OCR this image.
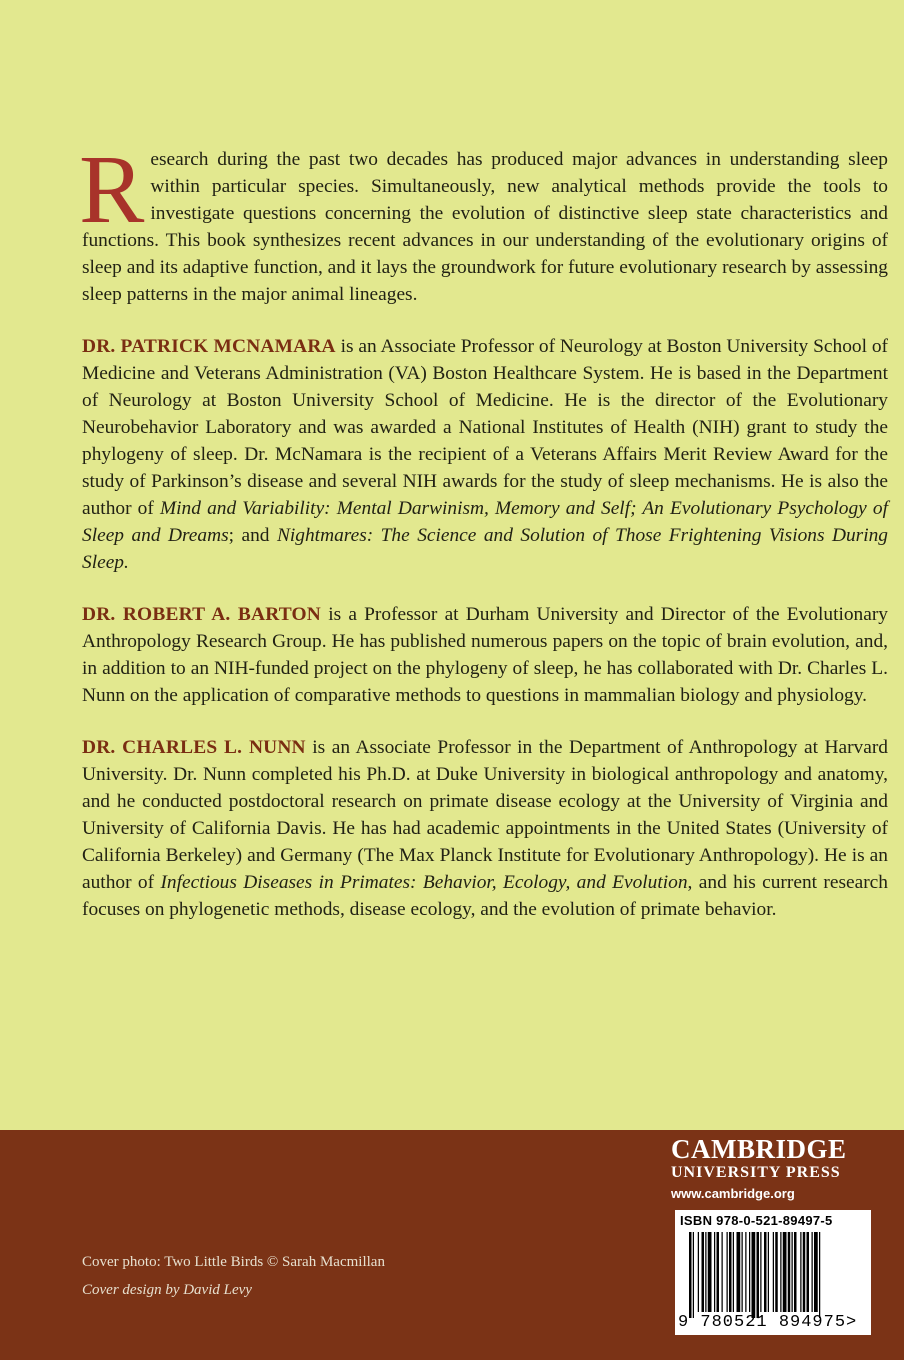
Research during the past two decades has produced major advances in understanding sleep within particular species. Simultaneously, new analytical methods provide the tools to investigate questions concerning the evolution of distinctive sleep state characteristics and functions. This book synthesizes recent advances in our understanding of the evolutionary origins of sleep and its adaptive function, and it lays the groundwork for future evolutionary research by assessing sleep patterns in the major animal lineages.

DR. PATRICK MCNAMARA is an Associate Professor of Neurology at Boston University School of Medicine and Veterans Administration (VA) Boston Healthcare System. He is based in the Department of Neurology at Boston University School of Medicine. He is the director of the Evolutionary Neurobehavior Laboratory and was awarded a National Institutes of Health (NIH) grant to study the phylogeny of sleep. Dr. McNamara is the recipient of a Veterans Affairs Merit Review Award for the study of Parkinson’s disease and several NIH awards for the study of sleep mechanisms. He is also the author of Mind and Variability: Mental Darwinism, Memory and Self; An Evolutionary Psychology of Sleep and Dreams; and Nightmares: The Science and Solution of Those Frightening Visions During Sleep.

DR. ROBERT A. BARTON is a Professor at Durham University and Director of the Evolutionary Anthropology Research Group. He has published numerous papers on the topic of brain evolution, and, in addition to an NIH-funded project on the phylogeny of sleep, he has collaborated with Dr. Charles L. Nunn on the application of comparative methods to questions in mammalian biology and physiology.

DR. CHARLES L. NUNN is an Associate Professor in the Department of Anthropology at Harvard University. Dr. Nunn completed his Ph.D. at Duke University in biological anthropology and anatomy, and he conducted postdoctoral research on primate disease ecology at the University of Virginia and University of California Davis. He has had academic appointments in the United States (University of California Berkeley) and Germany (The Max Planck Institute for Evolutionary Anthropology). He is an author of Infectious Diseases in Primates: Behavior, Ecology, and Evolution, and his current research focuses on phylogenetic methods, disease ecology, and the evolution of primate behavior.

Cover photo: Two Little Birds © Sarah Macmillan
Cover design by David Levy
CAMBRIDGE
UNIVERSITY PRESS
www.cambridge.org
ISBN 978-0-521-89497-5
9 780521 894975>
